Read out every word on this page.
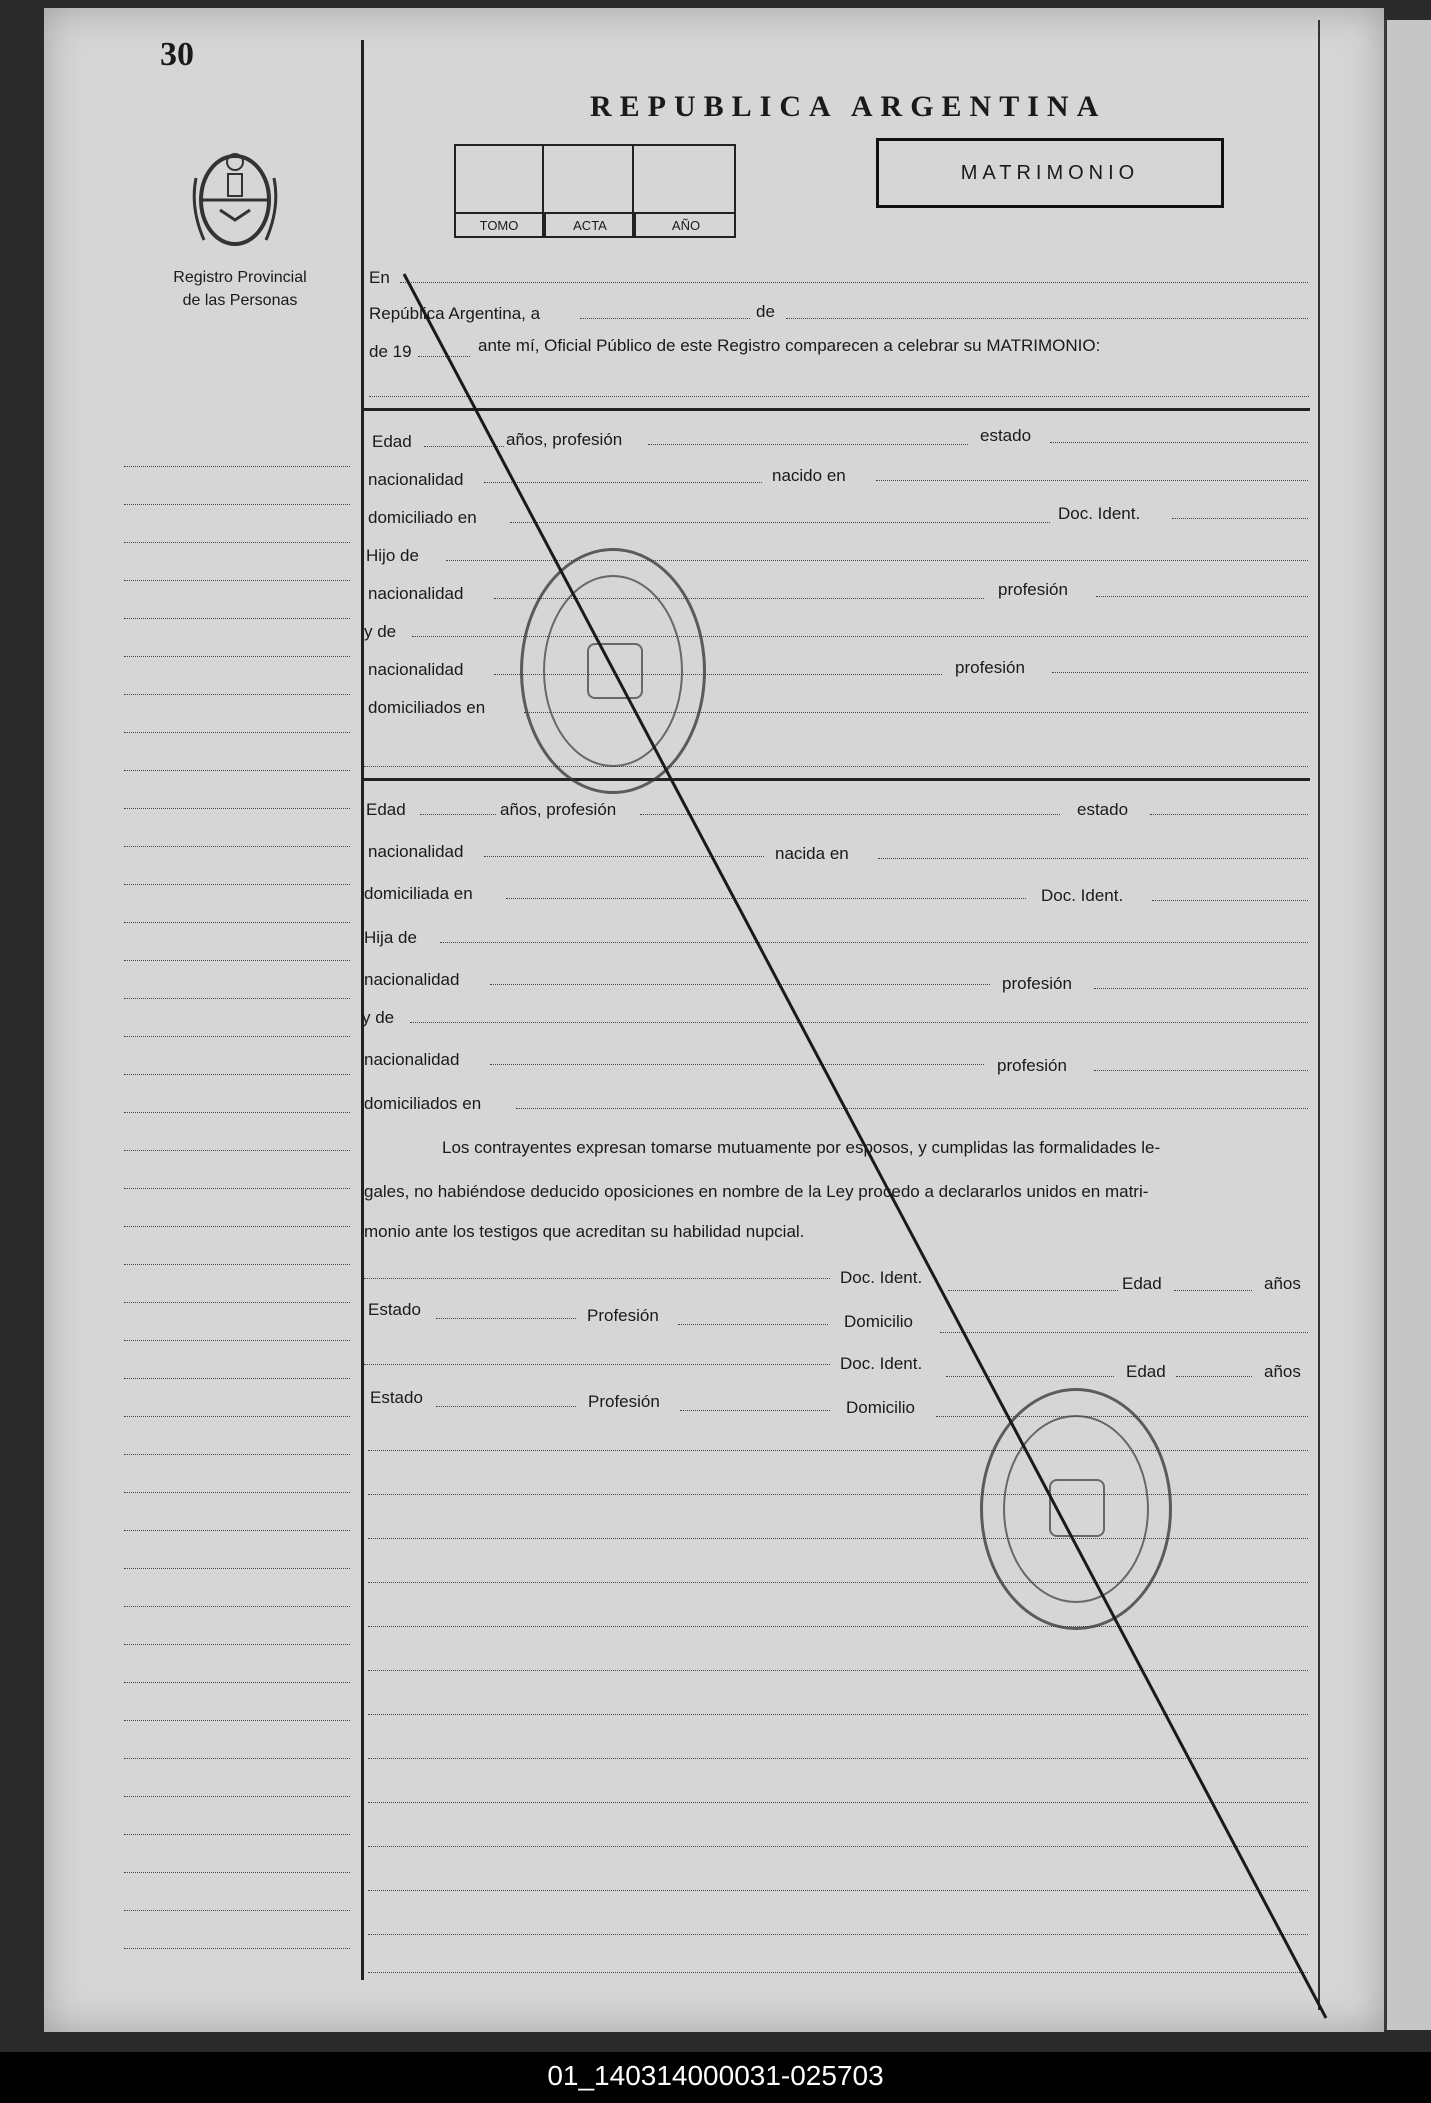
30
Registro Provincial
de las Personas
REPUBLICA ARGENTINA
TOMO	ACTA	AÑO
MATRIMONIO
En
República Argentina, a	de
de 19	ante mí, Oficial Público de este Registro comparecen a celebrar su MATRIMONIO:
Edad	años, profesión	estado
nacionalidad	nacido en
domiciliado en	Doc. Ident.
Hijo de
nacionalidad	profesión
y de
nacionalidad	profesión
domiciliados en
Edad	años, profesión	estado
nacionalidad	nacida en
domiciliada en	Doc. Ident.
Hija de
nacionalidad	profesión
y de
nacionalidad	profesión
domiciliados en
Los contrayentes expresan tomarse mutuamente por esposos, y cumplidas las formalidades le-
gales, no habiéndose deducido oposiciones en nombre de la Ley procedo a declararlos unidos en matri-
monio ante los testigos que acreditan su habilidad nupcial.
Doc. Ident.	Edad	años
Estado	Profesión	Domicilio
Doc. Ident.	Edad	años
Estado	Profesión	Domicilio
01_140314000031-025703
